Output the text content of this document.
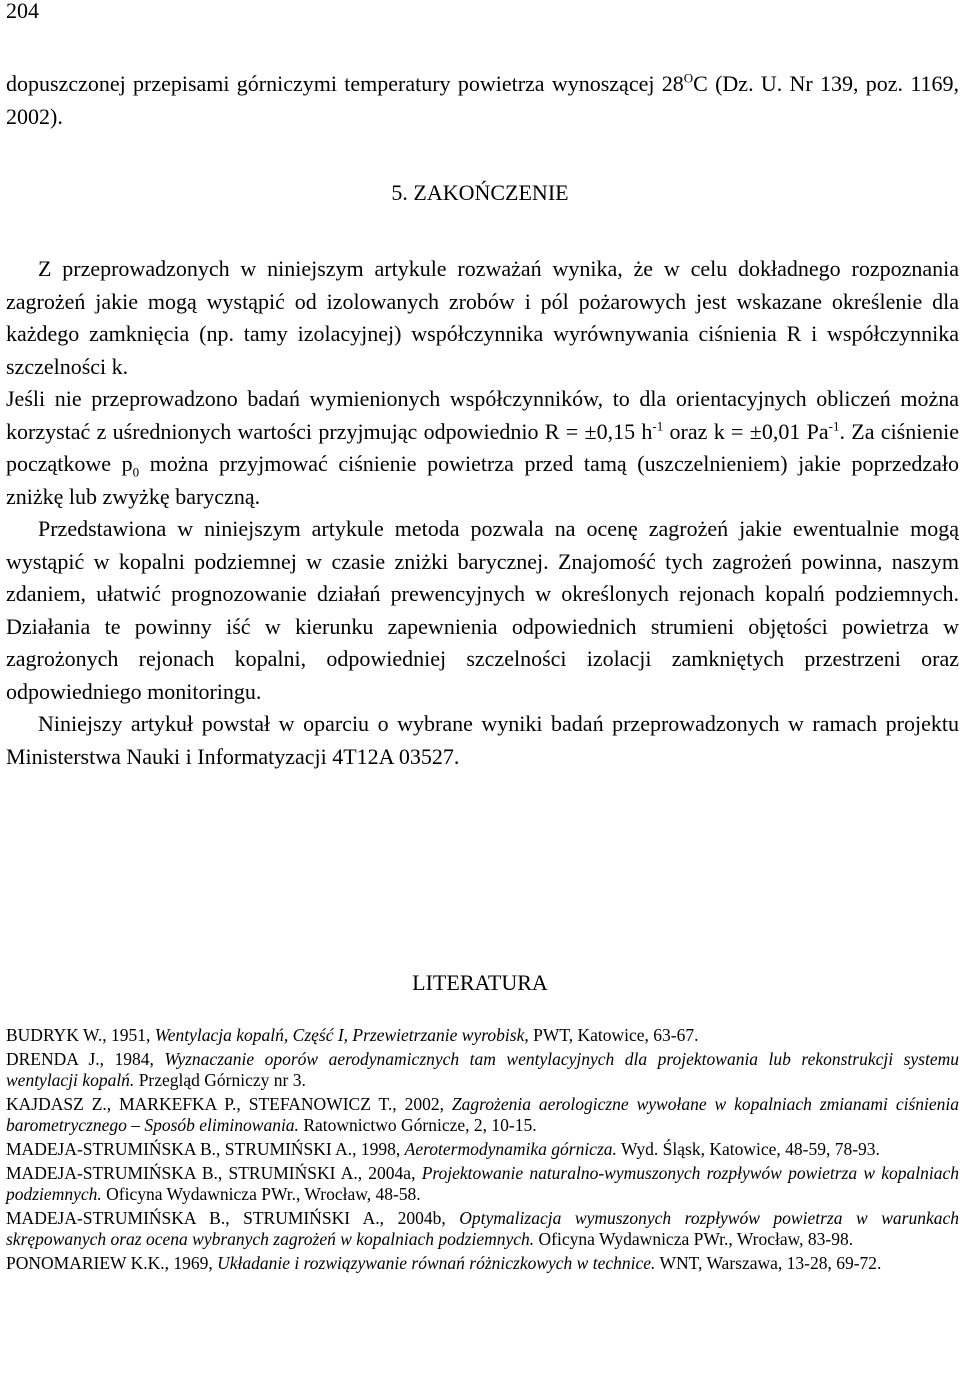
204

dopuszczonej przepisami górniczymi temperatury powietrza wynoszącej $28^OC$ (Dz. U. Nr 139, poz. 1169, 2002).

5. ZAKOŃCZENIE

Z przeprowadzonych w niniejszym artykule rozważań wynika, że w celu dokładnego rozpoznania zagrożeń jakie mogą wystąpić od izolowanych zrobów i pól pożarowych jest wskazane określenie dla każdego zamknięcia (np. tamy izolacyjnej) współczynnika wyrównywania ciśnienia R i współczynnika szczelności k.

Jeśli nie przeprowadzono badań wymienionych współczynników, to dla orientacyjnych obliczeń można korzystać z uśrednionych wartości przyjmując odpowiednio R = ±0,15 $h^{-1}$ oraz k = ±0,01 $Pa^{-1}$. Za ciśnienie początkowe $p_0$ można przyjmować ciśnienie powietrza przed tamą (uszczelnieniem) jakie poprzedzało zniżkę lub zwyżkę baryczną.

Przedstawiona w niniejszym artykule metoda pozwala na ocenę zagrożeń jakie ewentualnie mogą wystąpić w kopalni podziemnej w czasie zniżki barycznej. Znajomość tych zagrożeń powinna, naszym zdaniem, ułatwić prognozowanie działań prewencyjnych w określonych rejonach kopalń podziemnych. Działania te powinny iść w kierunku zapewnienia odpowiednich strumieni objętości powietrza w zagrożonych rejonach kopalni, odpowiedniej szczelności izolacji zamkniętych przestrzeni oraz odpowiedniego monitoringu.

Niniejszy artykuł powstał w oparciu o wybrane wyniki badań przeprowadzonych w ramach projektu Ministerstwa Nauki i Informatyzacji 4T12A 03527.

LITERATURA

BUDRYK W., 1951, Wentylacja kopalń, Część I, Przewietrzanie wyrobisk, PWT, Katowice, 63-67.

DRENDA J., 1984, Wyznaczanie oporów aerodynamicznych tam wentylacyjnych dla projektowania lub rekonstrukcji systemu wentylacji kopalń. Przegląd Górniczy nr 3.

KAJDASZ Z., MARKEFKA P., STEFANOWICZ T., 2002, Zagrożenia aerologiczne wywołane w kopalniach zmianami ciśnienia barometrycznego – Sposób eliminowania. Ratownictwo Górnicze, 2, 10-15.

MADEJA-STRUMIŃSKA B., STRUMIŃSKI A., 1998, Aerotermodynamika górnicza. Wyd. Śląsk, Katowice, 48-59, 78-93.

MADEJA-STRUMIŃSKA B., STRUMIŃSKI A., 2004a, Projektowanie naturalno-wymuszonych rozpływów powietrza w kopalniach podziemnych. Oficyna Wydawnicza PWr., Wrocław, 48-58.

MADEJA-STRUMIŃSKA B., STRUMIŃSKI A., 2004b, Optymalizacja wymuszonych rozpływów powietrza w warunkach skrępowanych oraz ocena wybranych zagrożeń w kopalniach podziemnych. Oficyna Wydawnicza PWr., Wrocław, 83-98.

PONOMARIEW K.K., 1969, Układanie i rozwiązywanie równań różniczkowych w technice. WNT, Warszawa, 13-28, 69-72.
